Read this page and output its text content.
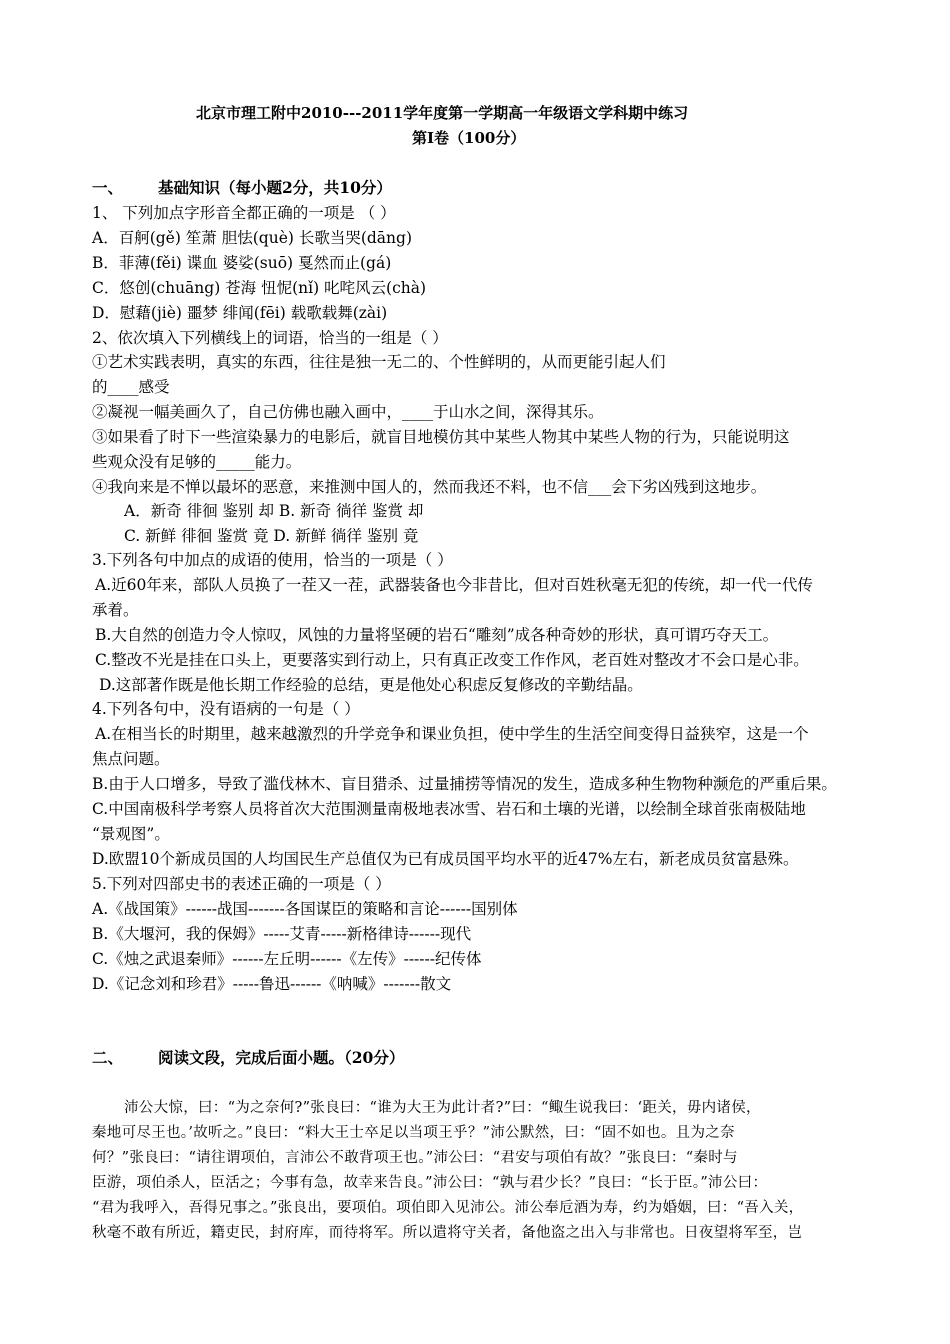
北京市理工附中2010---2011学年度第一学期高一年级语文学科期中练习
第Ⅰ卷（100分）
一、 基础知识（每小题2分，共10分）
1、 下列加点字形音全都正确的一项是 （ ）
A．百舸(gě) 笙萧 胆怯(què) 长歌当哭(dāng)
B．菲薄(fěi) 谍血 婆娑(suō) 戛然而止(gá)
C．悠创(chuāng) 苍海 忸怩(nǐ) 叱咤风云(chà)
D．慰藉(jiè) 噩梦 绯闻(fēi) 载歌载舞(zài)
2、依次填入下列横线上的词语，恰当的一组是（ ）
①艺术实践表明，真实的东西，往往是独一无二的、个性鲜明的，从而更能引起人们
的____感受
②凝视一幅美画久了，自己仿佛也融入画中，____于山水之间，深得其乐。
③如果看了时下一些渲染暴力的电影后，就盲目地模仿其中某些人物其中某些人物的行为，只能说明这
些观众没有足够的_____能力。
④我向来是不惮以最坏的恶意，来推测中国人的，然而我还不料，也不信___会下劣凶残到这地步。
A．新奇 徘徊 鉴别 却 B. 新奇 徜徉 鉴赏 却
C. 新鲜 徘徊 鉴赏 竟 D. 新鲜 徜徉 鉴别 竟
3.下列各句中加点的成语的使用，恰当的一项是（ ）
A.近60年来，部队人员换了一茬又一茬，武器装备也今非昔比，但对百姓秋毫无犯的传统，却一代一代传
承着。
B.大自然的创造力令人惊叹，风蚀的力量将坚硬的岩石“雕刻”成各种奇妙的形状，真可谓巧夺天工。
C.整改不光是挂在口头上，更要落实到行动上，只有真正改变工作作风，老百姓对整改才不会口是心非。
D.这部著作既是他长期工作经验的总结，更是他处心积虑反复修改的辛勤结晶。
4.下列各句中，没有语病的一句是（ ）
A.在相当长的时期里，越来越激烈的升学竞争和课业负担，使中学生的生活空间变得日益狭窄，这是一个
焦点问题。
B.由于人口增多，导致了滥伐林木、盲目猎杀、过量捕捞等情况的发生，造成多种生物物种濒危的严重后果。
C.中国南极科学考察人员将首次大范围测量南极地表冰雪、岩石和土壤的光谱，以绘制全球首张南极陆地
“景观图”。
D.欧盟10个新成员国的人均国民生产总值仅为已有成员国平均水平的近47%左右，新老成员贫富悬殊。
5.下列对四部史书的表述正确的一项是（ ）
A.《战国策》------战国-------各国谋臣的策略和言论------国别体
B.《大堰河，我的保姆》-----艾青-----新格律诗------现代
C.《烛之武退秦师》------左丘明------《左传》------纪传体
D.《记念刘和珍君》-----鲁迅------《呐喊》-------散文
二、 阅读文段，完成后面小题。（20分）
沛公大惊，曰：“为之奈何?”张良曰：“谁为大王为此计者?”曰：“鲰生说我曰：‘距关，毋内诸侯，
秦地可尽王也。’故听之。”良曰：“料大王士卒足以当项王乎？”沛公默然，曰：“固不如也。且为之奈
何？”张良曰：“请往谓项伯，言沛公不敢背项王也。”沛公曰：“君安与项伯有故？”张良曰：“秦时与
臣游，项伯杀人，臣活之；今事有急，故幸来告良。”沛公曰：“孰与君少长？”良曰：“长于臣。”沛公曰：
“君为我呼入，吾得兄事之。”张良出，要项伯。项伯即入见沛公。沛公奉卮酒为寿，约为婚姻，曰：“吾入关，
秋毫不敢有所近，籍吏民，封府库，而待将军。所以遣将守关者，备他盗之出入与非常也。日夜望将军至，岂
